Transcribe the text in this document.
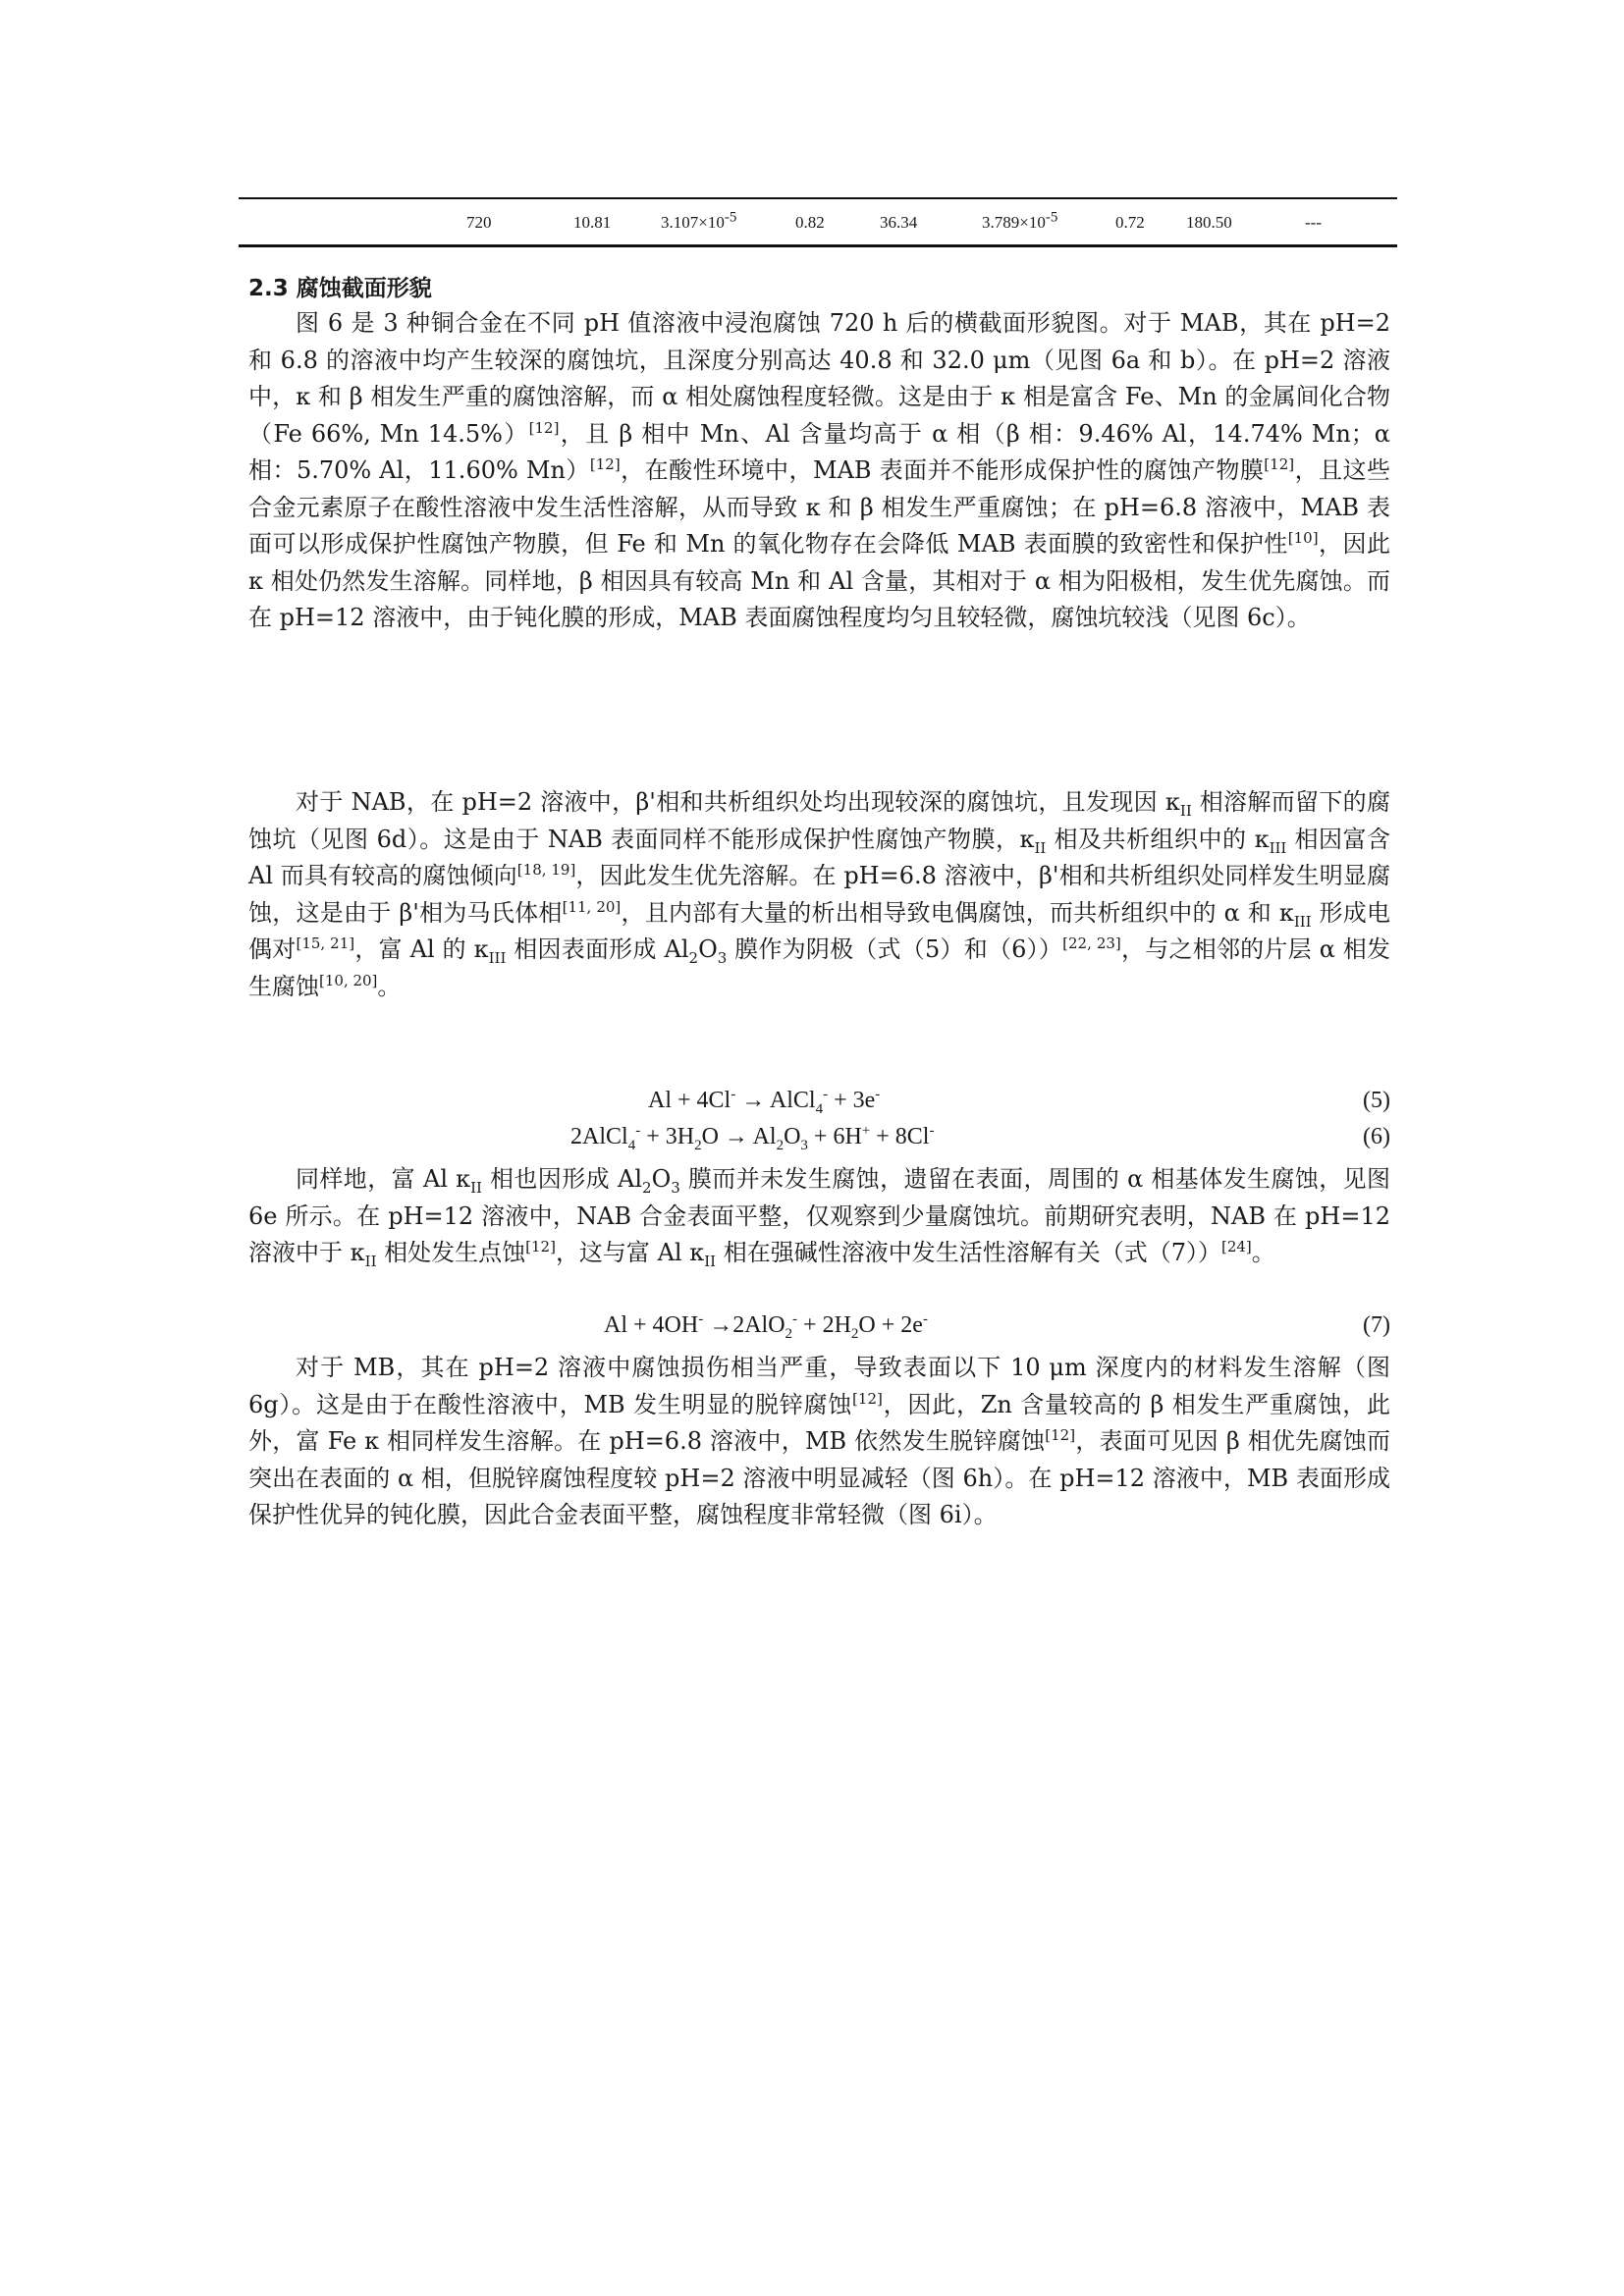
720	10.81	$3.107\times 10^{-5}$	0.82	36.34	$3.789\times 10^{-5}$	0.72 180.50	---
2.3 腐蚀截面形貌

图 6 是 3 种铜合金在不同 pH 值溶液中浸泡腐蚀 720 h 后的横截面形貌图。对于 MAB，其在 pH=2 和 6.8 的溶液中均产生较深的腐蚀坑，且深度分别高达 40.8 和 32.0 μm（见图 6a 和 b）。在 pH=2 溶液中，κ 和 β 相发生严重的腐蚀溶解，而 α 相处腐蚀程度轻微。这是由于 κ 相是富含 Fe、Mn 的金属间化合物（Fe 66%, Mn 14.5%）[12]，且 β 相中 Mn、Al 含量均高于 α 相（β 相：9.46% Al，14.74% Mn；α 相：5.70% Al，11.60% Mn）[12]，在酸性环境中，MAB 表面并不能形成保护性的腐蚀产物膜[12]，且这些合金元素原子在酸性溶液中发生活性溶解，从而导致 κ 和 β 相发生严重腐蚀；在 pH=6.8 溶液中，MAB 表面可以形成保护性腐蚀产物膜，但 Fe 和 Mn 的氧化物存在会降低 MAB 表面膜的致密性和保护性[10]，因此 κ 相处仍然发生溶解。同样地，β 相因具有较高 Mn 和 Al 含量，其相对于 α 相为阳极相，发生优先腐蚀。而在 pH=12 溶液中，由于钝化膜的形成，MAB 表面腐蚀程度均匀且较轻微，腐蚀坑较浅（见图 6c）。

对于 NAB，在 pH=2 溶液中，β'相和共析组织处均出现较深的腐蚀坑，且发现因 $\kappa_{II}$ 相溶解而留下的腐蚀坑（见图 6d）。这是由于 NAB 表面同样不能形成保护性腐蚀产物膜，$\kappa_{II}$ 相及共析组织中的 $\kappa_{III}$ 相因富含 Al 而具有较高的腐蚀倾向[18, 19]，因此发生优先溶解。在 pH=6.8 溶液中，β'相和共析组织处同样发生明显腐蚀，这是由于 β'相为马氏体相[11, 20]，且内部有大量的析出相导致电偶腐蚀，而共析组织中的 α 和 $\kappa_{III}$ 形成电偶对[15, 21]，富 Al 的 $\kappa_{III}$ 相因表面形成 $Al_2O_3$ 膜作为阴极（式（5）和（6））[22, 23]，与之相邻的片层 α 相发生腐蚀[10, 20]。

Al + 4Cl- → AlCl$_4$- + 3e-	(5)
2AlCl$_4$- + $3H_2O \to Al_2O_3 + 6H^+ + 8Cl^-$	(6)

同样地，富 Al $\kappa_{II}$ 相也因形成 $Al_2O_3$ 膜而并未发生腐蚀，遗留在表面，周围的 α 相基体发生腐蚀，见图 6e 所示。在 pH=12 溶液中，NAB 合金表面平整，仅观察到少量腐蚀坑。前期研究表明，NAB 在 pH=12 溶液中于 $\kappa_{II}$ 相处发生点蚀[12]，这与富 Al $\kappa_{II}$ 相在强碱性溶液中发生活性溶解有关（式（7））[24]。

$Al + 4OH^- \to 2AlO_2^- + 2H_2O + 2e^-$	(7)

对于 MB，其在 pH=2 溶液中腐蚀损伤相当严重，导致表面以下 10 μm 深度内的材料发生溶解（图 6g）。这是由于在酸性溶液中，MB 发生明显的脱锌腐蚀[12]，因此，Zn 含量较高的 β 相发生严重腐蚀，此外，富 Fe κ 相同样发生溶解。在 pH=6.8 溶液中，MB 依然发生脱锌腐蚀[12]，表面可见因 β 相优先腐蚀而突出在表面的 α 相，但脱锌腐蚀程度较 pH=2 溶液中明显减轻（图 6h）。在 pH=12 溶液中，MB 表面形成保护性优异的钝化膜，因此合金表面平整，腐蚀程度非常轻微（图 6i）。
